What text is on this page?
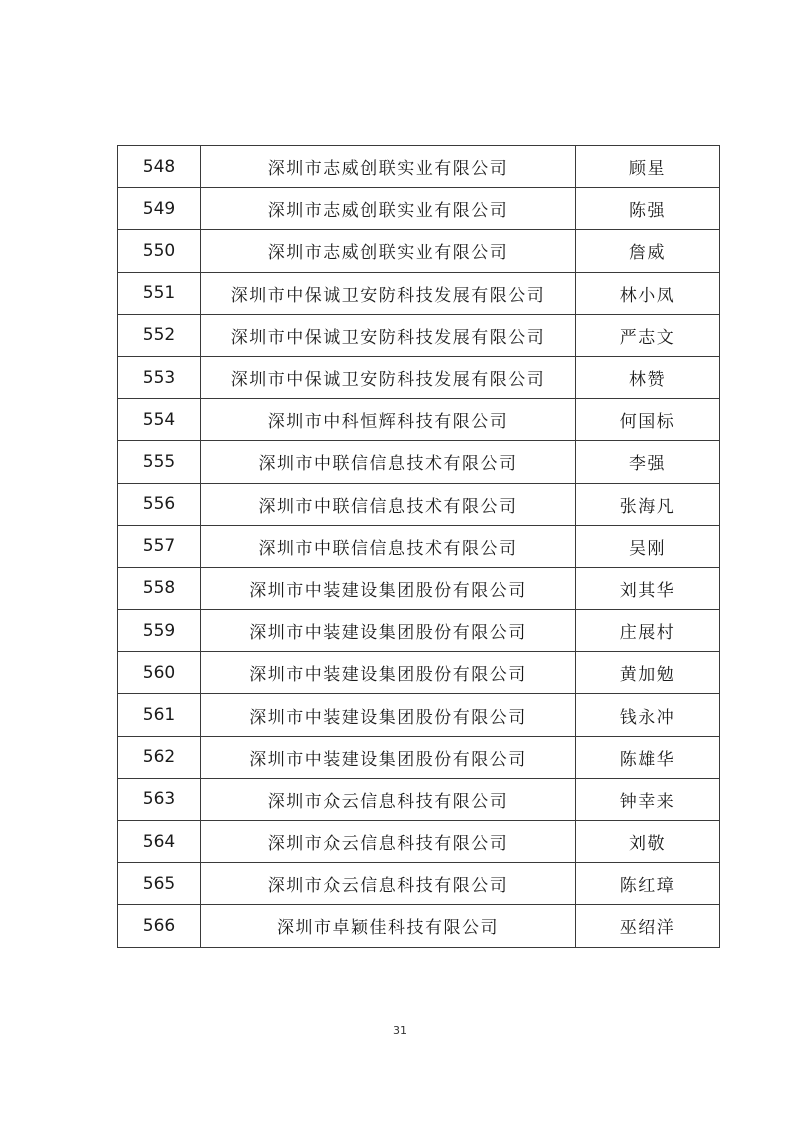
548	深圳市志威创联实业有限公司	顾星
549	深圳市志威创联实业有限公司	陈强
550	深圳市志威创联实业有限公司	詹威
551	深圳市中保诚卫安防科技发展有限公司	林小凤
552	深圳市中保诚卫安防科技发展有限公司	严志文
553	深圳市中保诚卫安防科技发展有限公司	林赞
554	深圳市中科恒辉科技有限公司	何国标
555	深圳市中联信信息技术有限公司	李强
556	深圳市中联信信息技术有限公司	张海凡
557	深圳市中联信信息技术有限公司	吴刚
558	深圳市中装建设集团股份有限公司	刘其华
559	深圳市中装建设集团股份有限公司	庄展村
560	深圳市中装建设集团股份有限公司	黄加勉
561	深圳市中装建设集团股份有限公司	钱永冲
562	深圳市中装建设集团股份有限公司	陈雄华
563	深圳市众云信息科技有限公司	钟幸来
564	深圳市众云信息科技有限公司	刘敬
565	深圳市众云信息科技有限公司	陈红璋
566	深圳市卓颖佳科技有限公司	巫绍洋
31
